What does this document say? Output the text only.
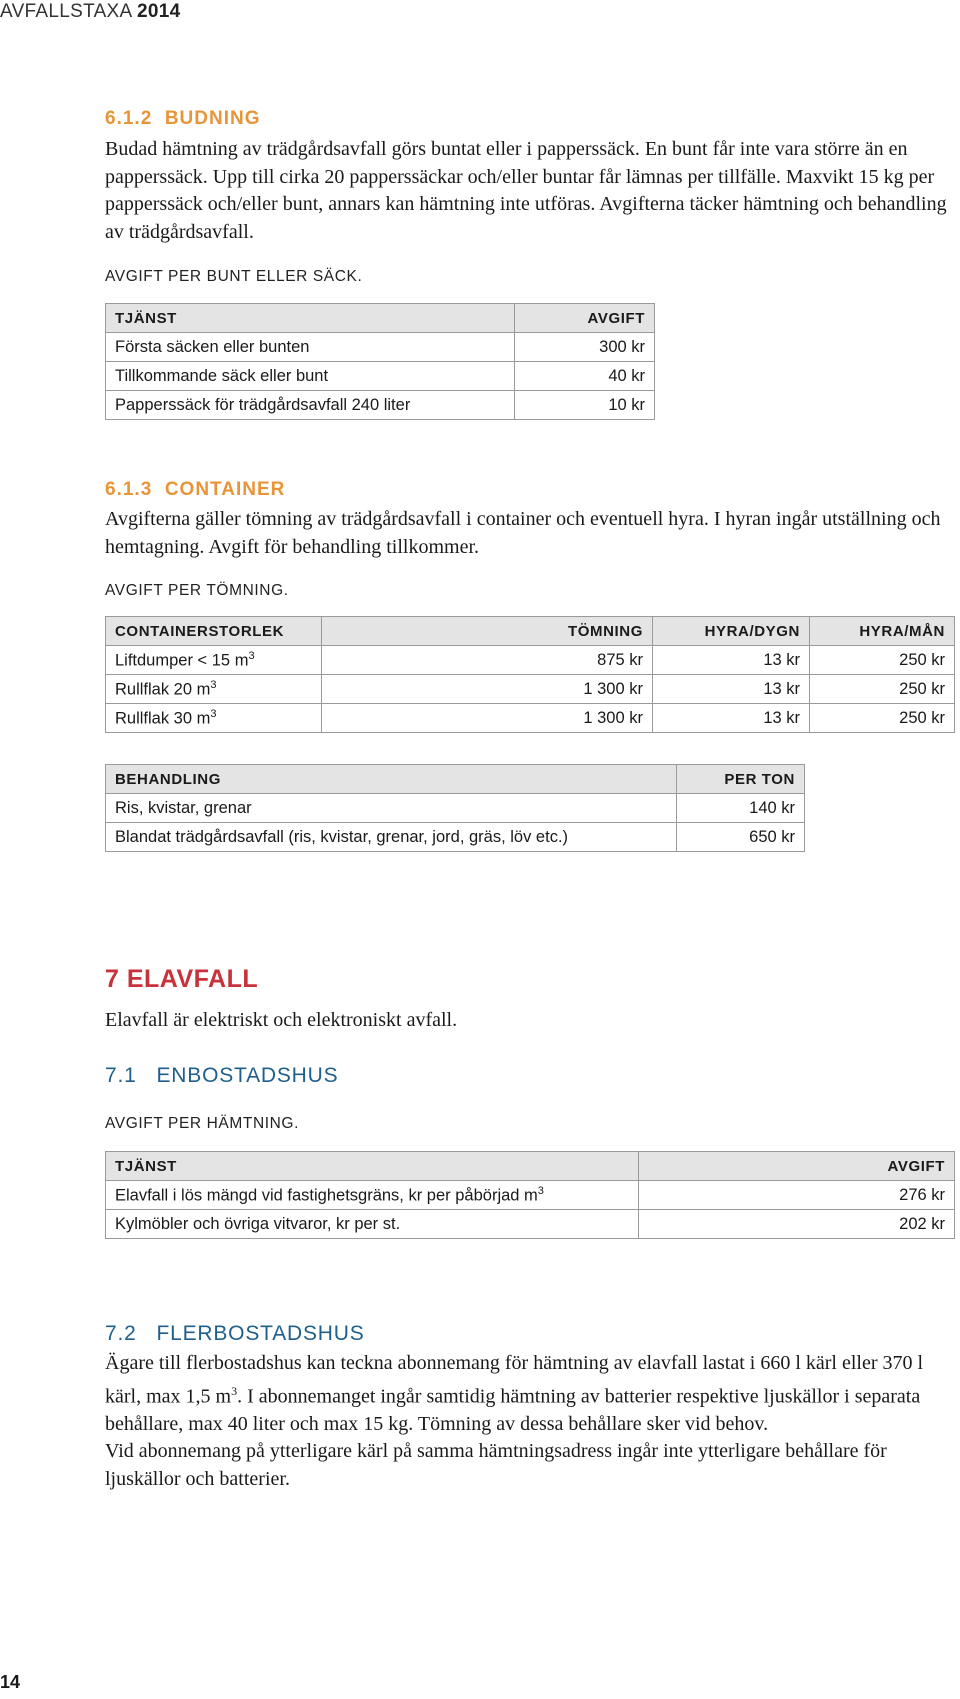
AVFALLSTAXA 2014
6.1.2 BUDNING
Budad hämtning av trädgårdsavfall görs buntat eller i papperssäck. En bunt får inte vara större än en papperssäck. Upp till cirka 20 papperssäckar och/eller buntar får lämnas per tillfälle. Maxvikt 15 kg per papperssäck och/eller bunt, annars kan hämtning inte utföras. Avgifterna täcker hämtning och behandling av trädgårdsavfall.
AVGIFT PER BUNT ELLER SÄCK.
TJÄNST	AVGIFT
Första säcken eller bunten	300 kr
Tillkommande säck eller bunt	40 kr
Papperssäck för trädgårdsavfall 240 liter	10 kr
6.1.3 CONTAINER
Avgifterna gäller tömning av trädgårdsavfall i container och eventuell hyra. I hyran ingår utställning och hemtagning. Avgift för behandling tillkommer.
AVGIFT PER TÖMNING.
CONTAINERSTORLEK	TÖMNING	HYRA/DYGN	HYRA/MÅN
Liftdumper < 15 $m^3$	875 kr	13 kr	250 kr
Rullflak 20 $m^3$	1 300 kr	13 kr	250 kr
Rullflak 30 $m^3$	1 300 kr	13 kr	250 kr
BEHANDLING	PER TON
Ris, kvistar, grenar	140 kr
Blandat trädgårdsavfall (ris, kvistar, grenar, jord, gräs, löv etc.)	650 kr
7 ELAVFALL
Elavfall är elektriskt och elektroniskt avfall.
7.1 ENBOSTADSHUS
AVGIFT PER HÄMTNING.
TJÄNST	AVGIFT
Elavfall i lös mängd vid fastighetsgräns, kr per påbörjad $m^3$	276 kr
Kylmöbler och övriga vitvaror, kr per st.	202 kr
7.2 FLERBOSTADSHUS
Ägare till flerbostadshus kan teckna abonnemang för hämtning av elavfall lastat i 660 l kärl eller 370 l kärl, max 1,5 $m^3$. I abonnemanget ingår samtidig hämtning av batterier respektive ljuskällor i separata behållare, max 40 liter och max 15 kg. Tömning av dessa behållare sker vid behov.
Vid abonnemang på ytterligare kärl på samma hämtningsadress ingår inte ytterligare behållare för ljuskällor och batterier.
14
